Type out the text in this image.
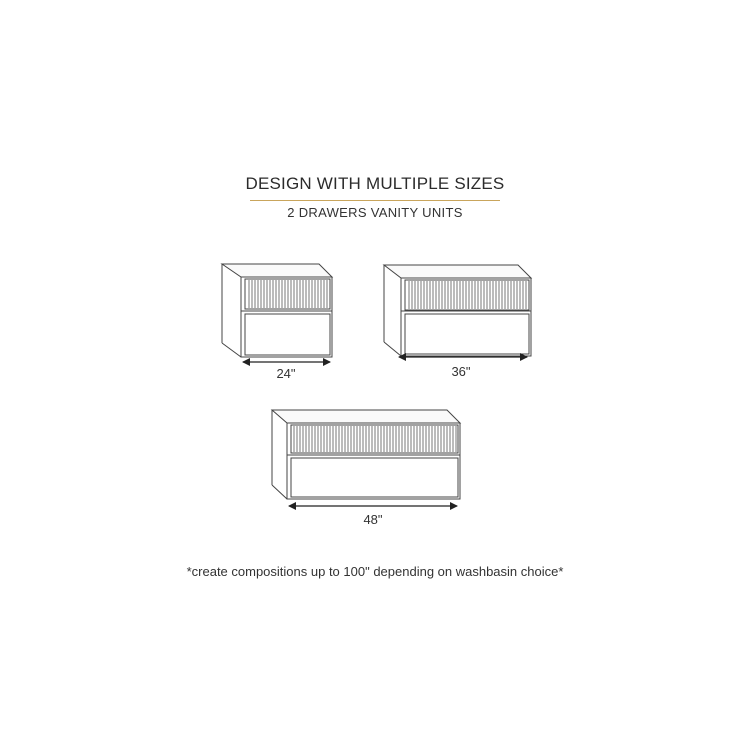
DESIGN WITH MULTIPLE SIZES
2 DRAWERS VANITY UNITS
24"	36"
48"
*create compositions up to 100" depending on washbasin choice*
